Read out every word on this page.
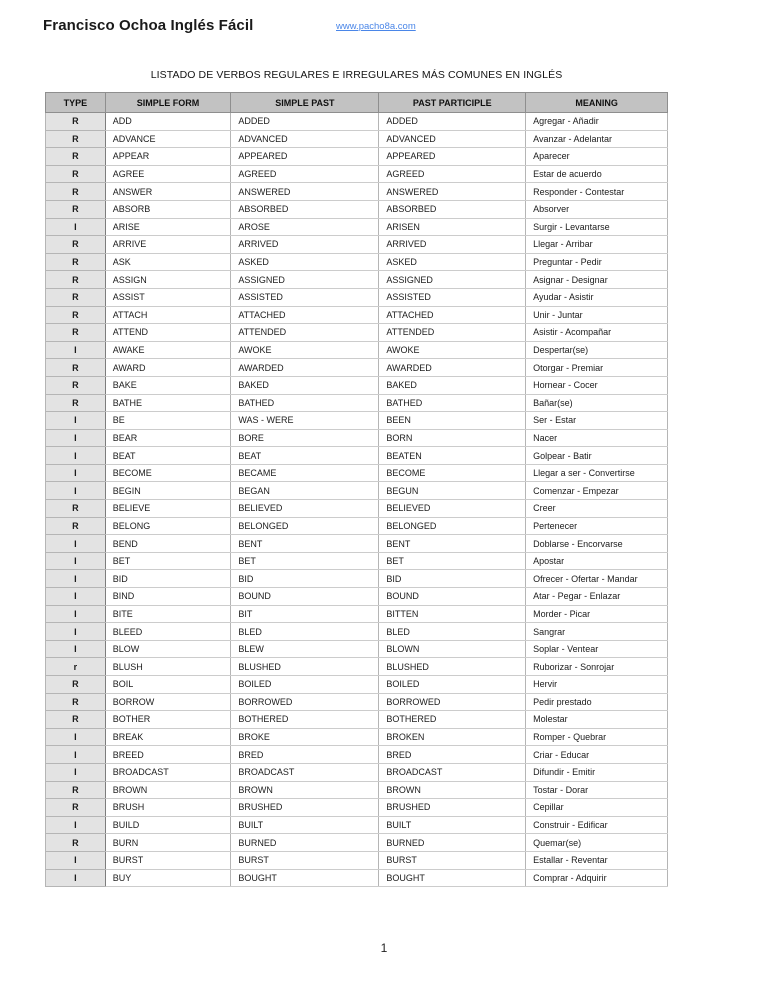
Francisco Ochoa Inglés Fácil	www.pacho8a.com
LISTADO DE VERBOS REGULARES E IRREGULARES MÁS COMUNES EN INGLÉS
TYPE	SIMPLE FORM	SIMPLE PAST	PAST PARTICIPLE	MEANING
R	ADD	ADDED	ADDED	Agregar - Añadir
R	ADVANCE	ADVANCED	ADVANCED	Avanzar - Adelantar
R	APPEAR	APPEARED	APPEARED	Aparecer
R	AGREE	AGREED	AGREED	Estar de acuerdo
R	ANSWER	ANSWERED	ANSWERED	Responder - Contestar
R	ABSORB	ABSORBED	ABSORBED	Absorver
I	ARISE	AROSE	ARISEN	Surgir - Levantarse
R	ARRIVE	ARRIVED	ARRIVED	Llegar - Arribar
R	ASK	ASKED	ASKED	Preguntar - Pedir
R	ASSIGN	ASSIGNED	ASSIGNED	Asignar - Designar
R	ASSIST	ASSISTED	ASSISTED	Ayudar - Asistir
R	ATTACH	ATTACHED	ATTACHED	Unir - Juntar
R	ATTEND	ATTENDED	ATTENDED	Asistir - Acompañar
I	AWAKE	AWOKE	AWOKE	Despertar(se)
R	AWARD	AWARDED	AWARDED	Otorgar - Premiar
R	BAKE	BAKED	BAKED	Hornear - Cocer
R	BATHE	BATHED	BATHED	Bañar(se)
I	BE	WAS - WERE	BEEN	Ser - Estar
I	BEAR	BORE	BORN	Nacer
I	BEAT	BEAT	BEATEN	Golpear - Batir
I	BECOME	BECAME	BECOME	Llegar a ser - Convertirse
I	BEGIN	BEGAN	BEGUN	Comenzar - Empezar
R	BELIEVE	BELIEVED	BELIEVED	Creer
R	BELONG	BELONGED	BELONGED	Pertenecer
I	BEND	BENT	BENT	Doblarse - Encorvarse
I	BET	BET	BET	Apostar
I	BID	BID	BID	Ofrecer - Ofertar - Mandar
I	BIND	BOUND	BOUND	Atar - Pegar - Enlazar
I	BITE	BIT	BITTEN	Morder - Picar
I	BLEED	BLED	BLED	Sangrar
I	BLOW	BLEW	BLOWN	Soplar - Ventear
r	BLUSH	BLUSHED	BLUSHED	Ruborizar - Sonrojar
R	BOIL	BOILED	BOILED	Hervir
R	BORROW	BORROWED	BORROWED	Pedir prestado
R	BOTHER	BOTHERED	BOTHERED	Molestar
I	BREAK	BROKE	BROKEN	Romper - Quebrar
I	BREED	BRED	BRED	Criar - Educar
I	BROADCAST	BROADCAST	BROADCAST	Difundir - Emitir
R	BROWN	BROWN	BROWN	Tostar - Dorar
R	BRUSH	BRUSHED	BRUSHED	Cepillar
I	BUILD	BUILT	BUILT	Construir - Edificar
R	BURN	BURNED	BURNED	Quemar(se)
I	BURST	BURST	BURST	Estallar - Reventar
I	BUY	BOUGHT	BOUGHT	Comprar - Adquirir
1
